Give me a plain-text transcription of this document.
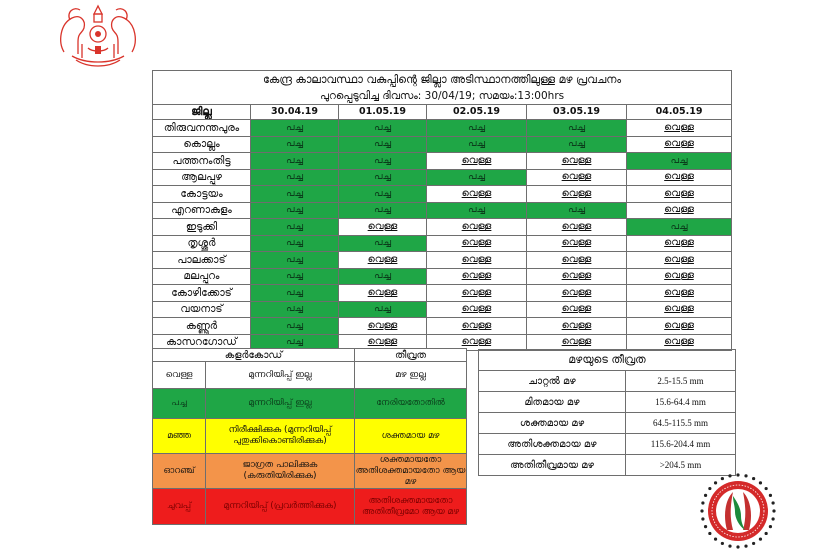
കേന്ദ്ര കാലാവസ്ഥാ വകുപ്പിന്റെ ജില്ലാ അടിസ്ഥാനത്തിലുള്ള മഴ പ്രവചനം					
പുറപ്പെടുവിച്ച ദിവസം: 30/04/19; സമയം:13:00hrs					
ജില്ല	30.04.19	01.05.19	02.05.19	03.05.19	04.05.19
തിരുവനന്തപുരം	പച്ച	പച്ച	പച്ച	പച്ച	വെള്ള
കൊല്ലം	പച്ച	പച്ച	പച്ച	പച്ച	വെള്ള
പത്തനംതിട്ട	പച്ച	പച്ച	വെള്ള	വെള്ള	പച്ച
ആലപ്പുഴ	പച്ച	പച്ച	പച്ച	വെള്ള	വെള്ള
കോട്ടയം	പച്ച	പച്ച	വെള്ള	വെള്ള	വെള്ള
എറണാകുളം	പച്ച	പച്ച	പച്ച	പച്ച	വെള്ള
ഇടുക്കി	പച്ച	വെള്ള	വെള്ള	വെള്ള	പച്ച
തൃശ്ശൂർ	പച്ച	പച്ച	വെള്ള	വെള്ള	വെള്ള
പാലക്കാട്	പച്ച	വെള്ള	വെള്ള	വെള്ള	വെള്ള
മലപ്പുറം	പച്ച	പച്ച	വെള്ള	വെള്ള	വെള്ള
കോഴിക്കോട്	പച്ച	വെള്ള	വെള്ള	വെള്ള	വെള്ള
വയനാട്	പച്ച	പച്ച	വെള്ള	വെള്ള	വെള്ള
കണ്ണൂർ	പച്ച	വെള്ള	വെള്ള	വെള്ള	വെള്ള
കാസറഗോഡ്	പച്ച	വെള്ള	വെള്ള	വെള്ള	വെള്ള
കളർകോഡ്		തീവ്രത
വെള്ള	മുന്നറിയിപ്പ് ഇല്ല	മഴ ഇല്ല
പച്ച	മുന്നറിയിപ്പ് ഇല്ല	നേരിയതോതിൽ
മഞ്ഞ	നിരീക്ഷിക്കുക (മുന്നറിയിപ്പ് പുതുക്കികൊണ്ടിരിക്കുക)	ശക്തമായ മഴ
ഓറഞ്ച്	ജാഗ്രത പാലിക്കുക (കരുതിയിരിക്കുക)	ശക്തമായതോ അതിശക്തമായതോ ആയ മഴ
ചുവപ്പ്	മുന്നറിയിപ്പ് (പ്രവർത്തിക്കുക)	അതിശക്തമായതോ അതിതീവ്രമോ ആയ മഴ
മഴയുടെ തീവ്രത	
ചാറ്റൽ മഴ	2.5-15.5 mm
മിതമായ മഴ	15.6-64.4 mm
ശക്തമായ മഴ	64.5-115.5 mm
അതിശക്തമായ മഴ	115.6-204.4 mm
അതിതീവ്രമായ മഴ	>204.5 mm
